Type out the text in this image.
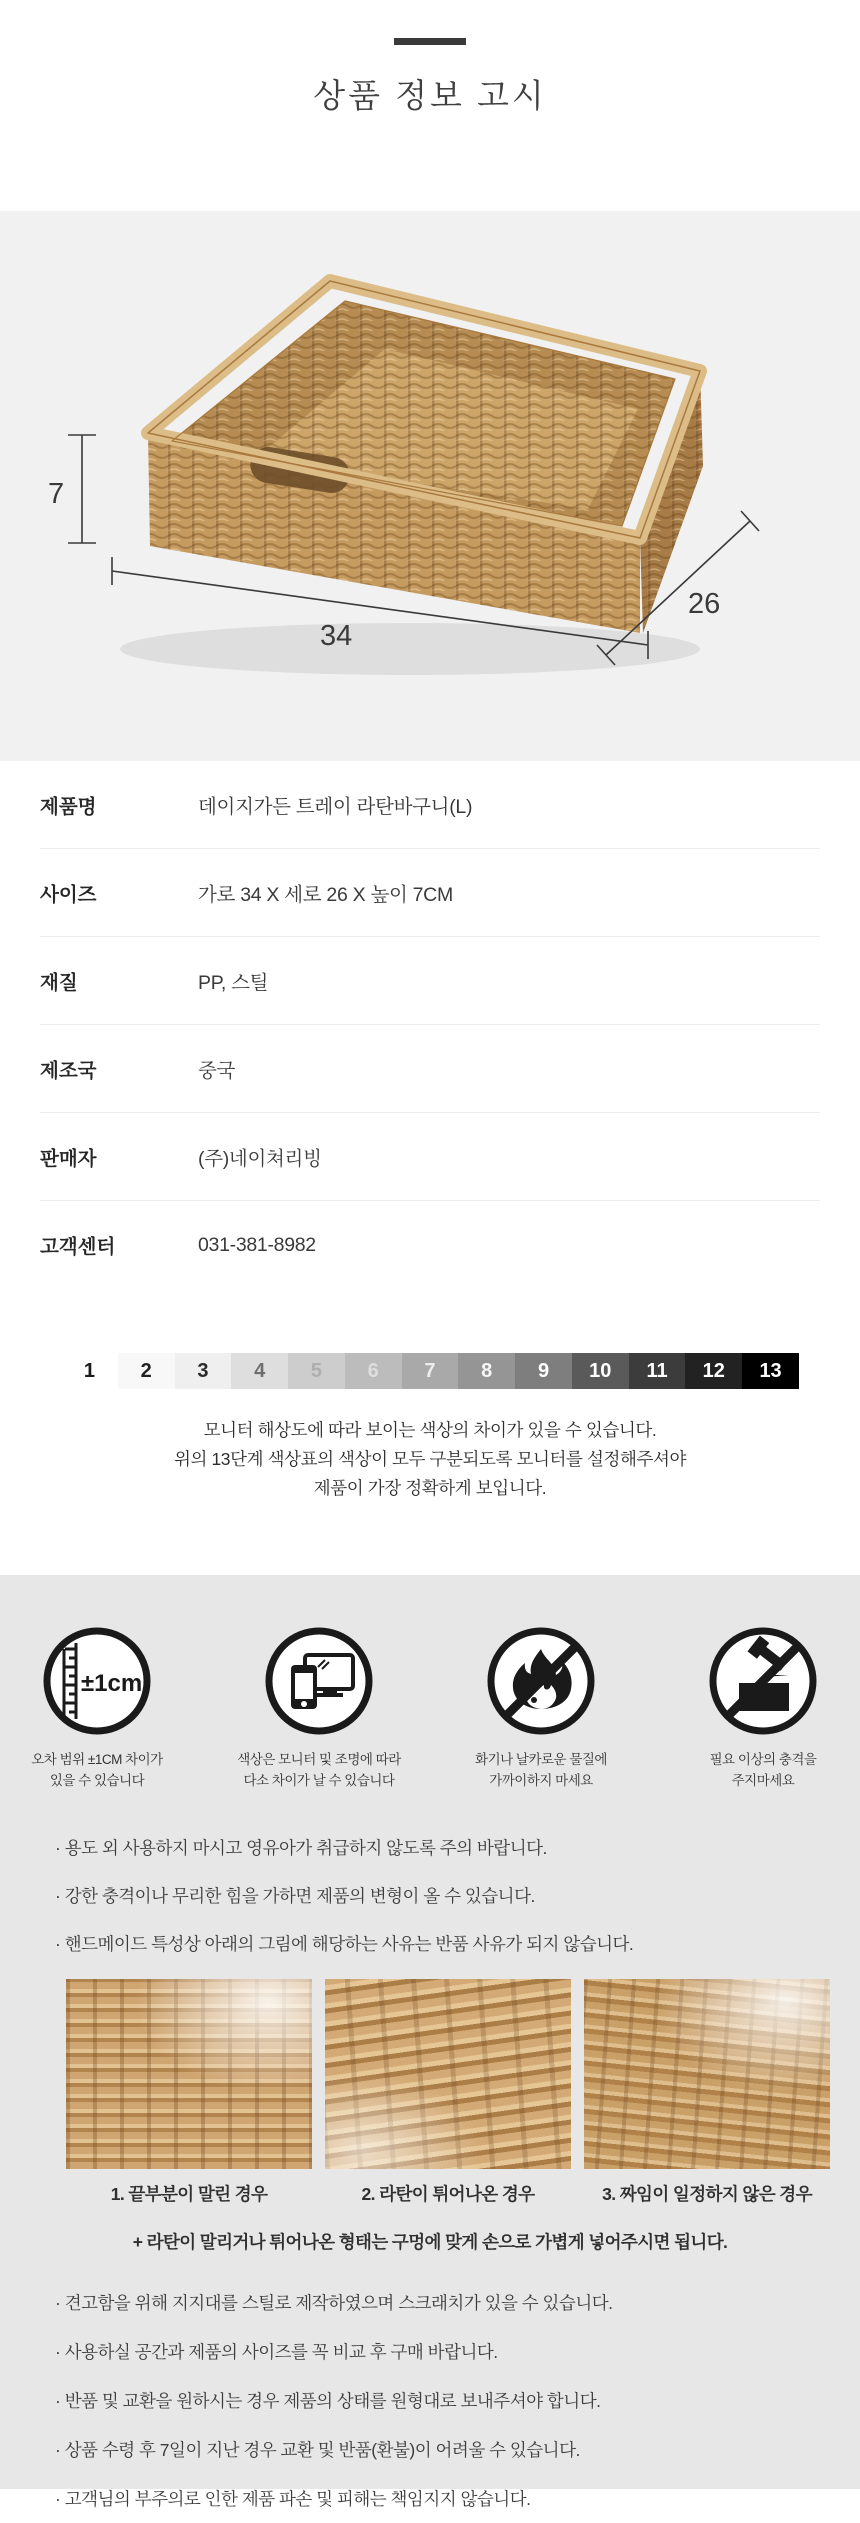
상품 정보 고시
7
34
26
제품명	데이지가든 트레이 라탄바구니(L)
사이즈	가로 34 X 세로 26 X 높이 7CM
재질	PP, 스틸
제조국	중국
판매자	(주)네이쳐리빙
고객센터	031-381-8982
1	2	3	4	5	6	7	8	9	10	11	12	13
모니터 해상도에 따라 보이는 색상의 차이가 있을 수 있습니다.
위의 13단계 색상표의 색상이 모두 구분되도록 모니터를 설정해주셔야
제품이 가장 정확하게 보입니다.
±1cm
오차 범위 ±1CM 차이가
있을 수 있습니다
색상은 모니터 및 조명에 따라
다소 차이가 날 수 있습니다
화기나 날카로운 물질에
가까이하지 마세요
필요 이상의 충격을
주지마세요
· 용도 외 사용하지 마시고 영유아가 취급하지 않도록 주의 바랍니다.
· 강한 충격이나 무리한 힘을 가하면 제품의 변형이 올 수 있습니다.
· 핸드메이드 특성상 아래의 그림에 해당하는 사유는 반품 사유가 되지 않습니다.
1. 끝부분이 말린 경우	2. 라탄이 튀어나온 경우	3. 짜임이 일정하지 않은 경우
+ 라탄이 말리거나 튀어나온 형태는 구멍에 맞게 손으로 가볍게 넣어주시면 됩니다.
· 견고함을 위해 지지대를 스틸로 제작하였으며 스크래치가 있을 수 있습니다.
· 사용하실 공간과 제품의 사이즈를 꼭 비교 후 구매 바랍니다.
· 반품 및 교환을 원하시는 경우 제품의 상태를 원형대로 보내주셔야 합니다.
· 상품 수령 후 7일이 지난 경우 교환 및 반품(환불)이 어려울 수 있습니다.
· 고객님의 부주의로 인한 제품 파손 및 피해는 책임지지 않습니다.
